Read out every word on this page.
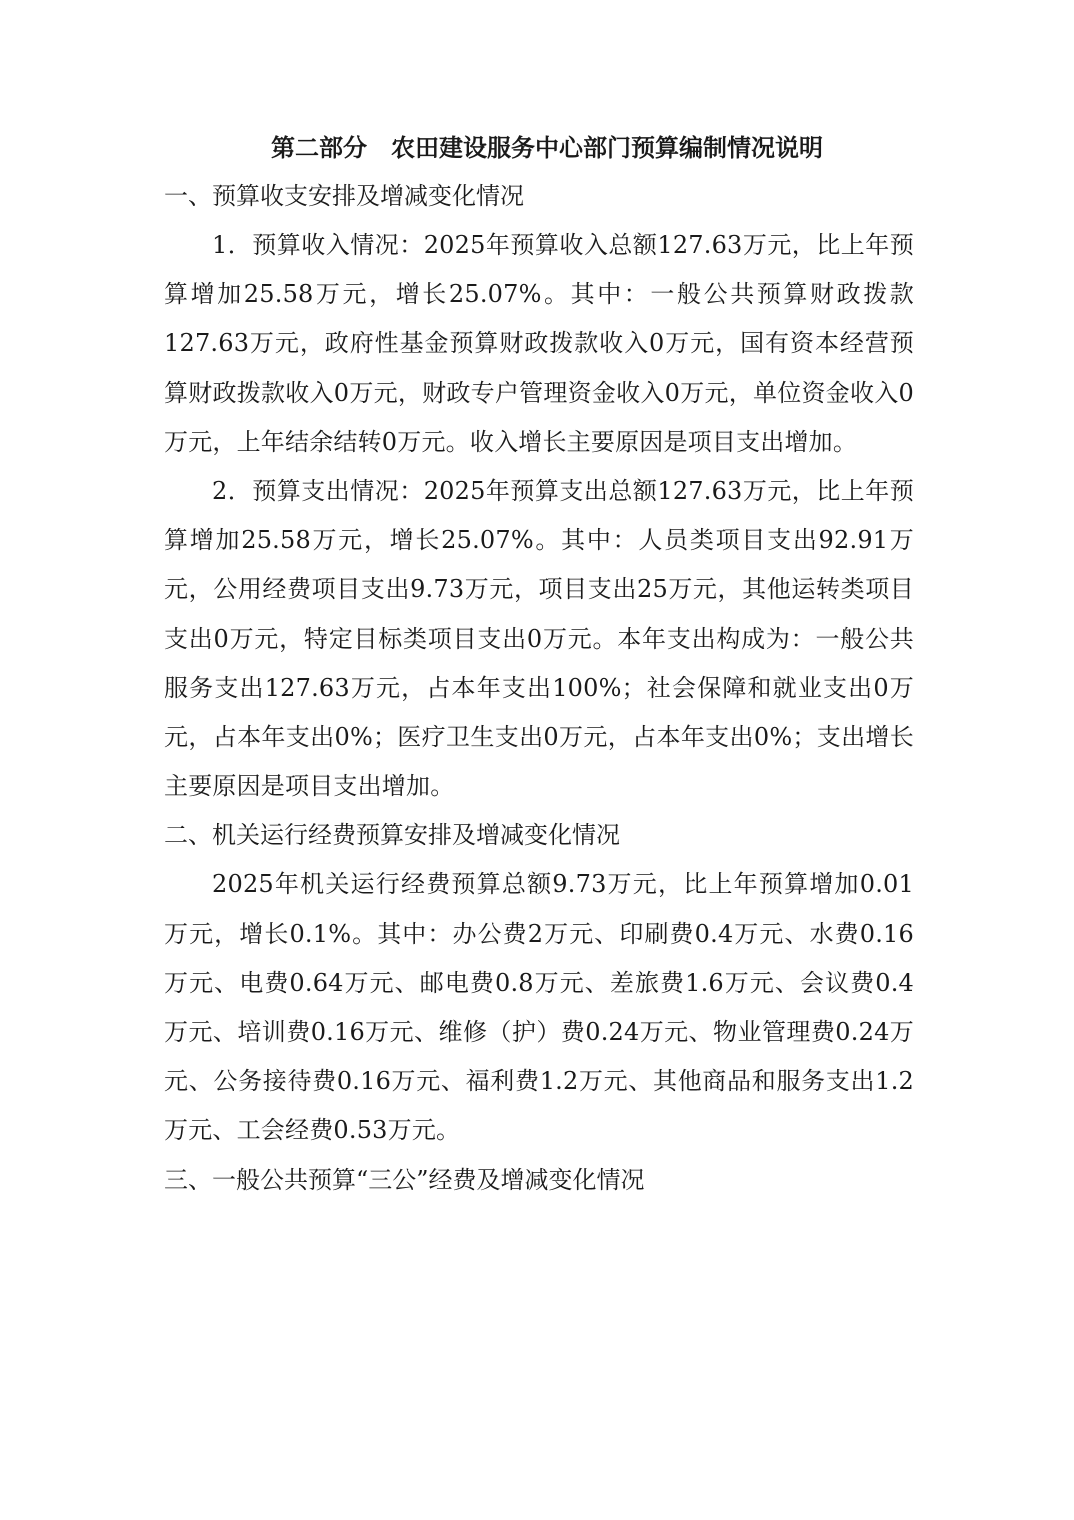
第二部分　农田建设服务中心部门预算编制情况说明

一、预算收支安排及增减变化情况

1．预算收入情况：2025年预算收入总额127.63万元，比上年预算增加25.58万元，增长25.07%。其中：一般公共预算财政拨款127.63万元，政府性基金预算财政拨款收入0万元，国有资本经营预算财政拨款收入0万元，财政专户管理资金收入0万元，单位资金收入0万元，上年结余结转0万元。收入增长主要原因是项目支出增加。

2．预算支出情况：2025年预算支出总额127.63万元，比上年预算增加25.58万元，增长25.07%。其中：人员类项目支出92.91万元，公用经费项目支出9.73万元，项目支出25万元，其他运转类项目支出0万元，特定目标类项目支出0万元。本年支出构成为：一般公共服务支出127.63万元，占本年支出100%；社会保障和就业支出0万元，占本年支出0%；医疗卫生支出0万元，占本年支出0%；支出增长主要原因是项目支出增加。

二、机关运行经费预算安排及增减变化情况

2025年机关运行经费预算总额9.73万元，比上年预算增加0.01万元，增长0.1%。其中：办公费2万元、印刷费0.4万元、水费0.16万元、电费0.64万元、邮电费0.8万元、差旅费1.6万元、会议费0.4万元、培训费0.16万元、维修（护）费0.24万元、物业管理费0.24万元、公务接待费0.16万元、福利费1.2万元、其他商品和服务支出1.2万元、工会经费0.53万元。

三、一般公共预算“三公”经费及增减变化情况
